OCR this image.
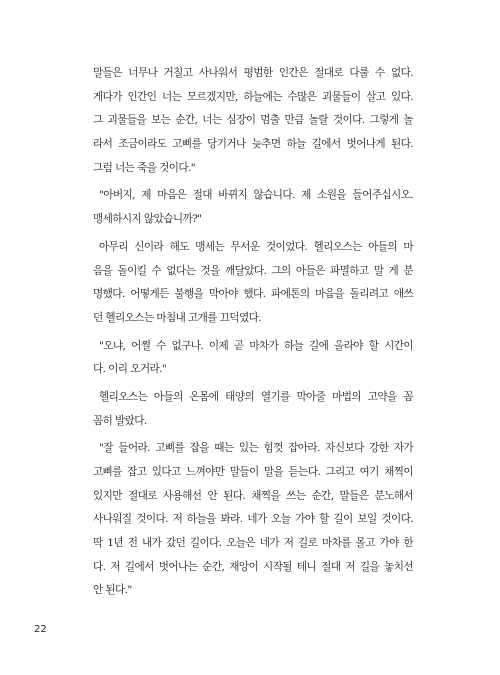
말들은 너무나 거칠고 사나워서 평범한 인간은 절대로 다룰 수 없다.
게다가 인간인 너는 모르겠지만, 하늘에는 수많은 괴물들이 살고 있다.
그 괴물들을 보는 순간, 너는 심장이 멈출 만큼 놀랄 것이다. 그렇게 놀
라서 조금이라도 고삐를 당기거나 늦추면 하늘 길에서 벗어나게 된다.
그럼 너는 죽을 것이다."
"아버지, 제 마음은 절대 바뀌지 않습니다. 제 소원을 들어주십시오.
맹세하시지 않았습니까?"
아무리 신이라 해도 맹세는 무서운 것이었다. 헬리오스는 아들의 마
음을 돌이킬 수 없다는 것을 깨달았다. 그의 아들은 파멸하고 말 게 분
명했다. 어떻게든 불행을 막아야 했다. 파에톤의 마음을 돌리려고 애쓰
던 헬리오스는 마침내 고개를 끄덕였다.
"오냐, 어쩔 수 없구나. 이제 곧 마차가 하늘 길에 올라야 할 시간이
다. 이리 오거라."
헬리오스는 아들의 온몸에 태양의 열기를 막아줄 마법의 고약을 꼼
꼼히 발랐다.
"잘 들어라. 고삐를 잡을 때는 있는 힘껏 잡아라. 자신보다 강한 자가
고삐를 잡고 있다고 느껴야만 말들이 말을 듣는다. 그리고 여기 채찍이
있지만 절대로 사용해선 안 된다. 채찍을 쓰는 순간, 말들은 분노해서
사나워질 것이다. 저 하늘을 봐라. 네가 오늘 가야 할 길이 보일 것이다.
딱 1년 전 내가 갔던 길이다. 오늘은 네가 저 길로 마차를 몰고 가야 한
다. 저 길에서 벗어나는 순간, 재앙이 시작될 테니 절대 저 길을 놓치선
안 된다."
22
